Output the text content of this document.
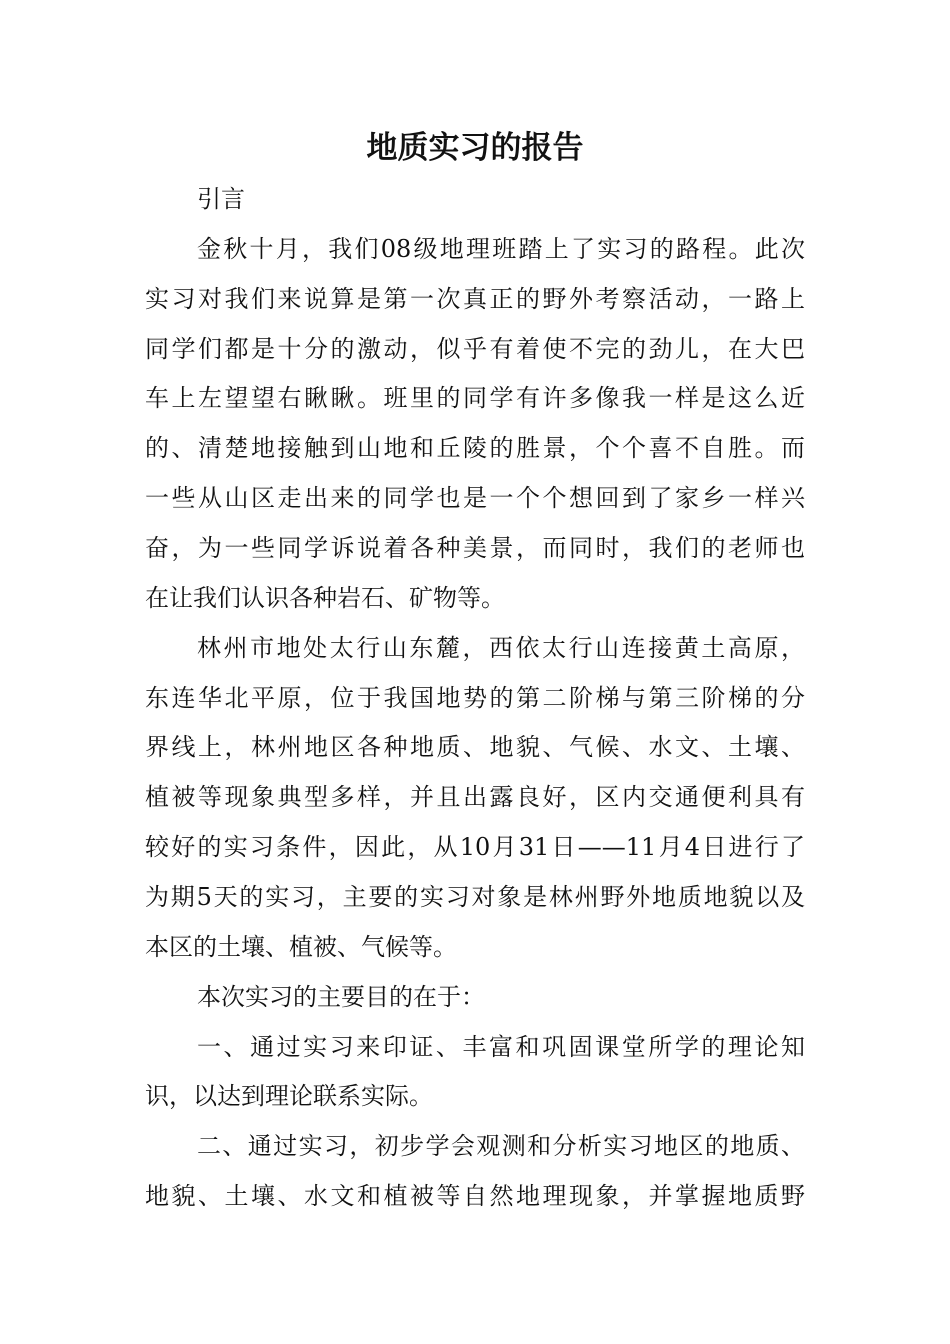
地质实习的报告

引言

金秋十月，我们08级地理班踏上了实习的路程。此次

实习对我们来说算是第一次真正的野外考察活动，一路上

同学们都是十分的激动，似乎有着使不完的劲儿，在大巴

车上左望望右瞅瞅。班里的同学有许多像我一样是这么近

的、清楚地接触到山地和丘陵的胜景，个个喜不自胜。而

一些从山区走出来的同学也是一个个想回到了家乡一样兴

奋，为一些同学诉说着各种美景，而同时，我们的老师也

在让我们认识各种岩石、矿物等。

林州市地处太行山东麓，西依太行山连接黄土高原，

东连华北平原，位于我国地势的第二阶梯与第三阶梯的分

界线上，林州地区各种地质、地貌、气候、水文、土壤、

植被等现象典型多样，并且出露良好，区内交通便利具有

较好的实习条件，因此，从10月31日——11月4日进行了

为期5天的实习，主要的实习对象是林州野外地质地貌以及

本区的土壤、植被、气候等。

本次实习的主要目的在于：

一、通过实习来印证、丰富和巩固课堂所学的理论知

识，以达到理论联系实际。

二、通过实习，初步学会观测和分析实习地区的地质、

地貌、土壤、水文和植被等自然地理现象，并掌握地质野
